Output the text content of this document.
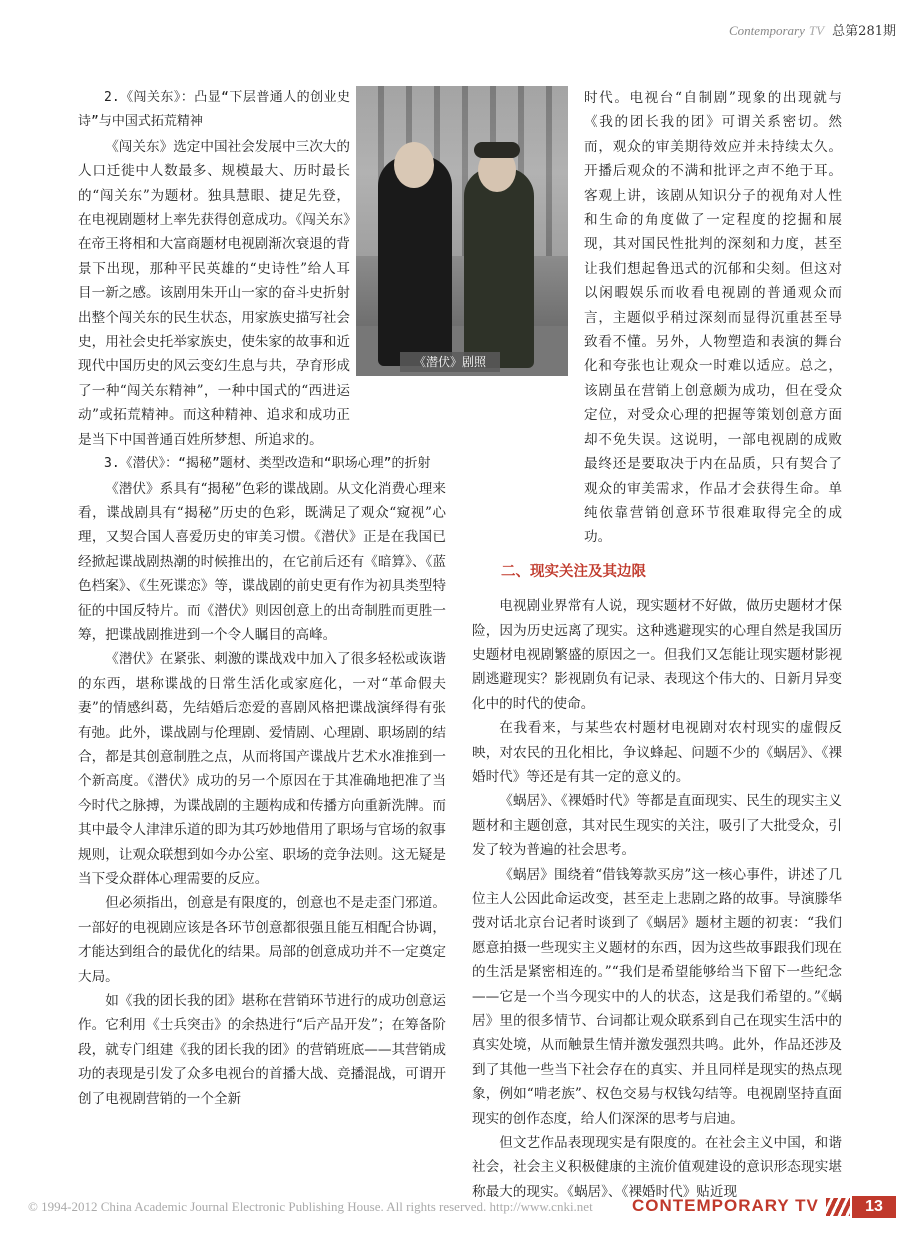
Contemporary TV 总第281期
《潜伏》剧照

2.《闯关东》：凸显“下层普通人的创业史诗”与中国式拓荒精神

《闯关东》选定中国社会发展中三次大的人口迁徙中人数最多、规模最大、历时最长的“闯关东”为题材。独具慧眼、捷足先登，在电视剧题材上率先获得创意成功。《闯关东》在帝王将相和大富商题材电视剧渐次衰退的背景下出现，那种平民英雄的“史诗性”给人耳目一新之感。该剧用朱开山一家的奋斗史折射出整个闯关东的民生状态，用家族史描写社会史，用社会史托举家族史，使朱家的故事和近现代中国历史的风云变幻生息与共，孕育形成了一种“闯关东精神”，一种中国式的“西进运动”或拓荒精神。而这种精神、追求和成功正是当下中国普通百姓所梦想、所追求的。

3.《潜伏》：“揭秘”题材、类型改造和“职场心理”的折射

《潜伏》系具有“揭秘”色彩的谍战剧。从文化消费心理来看，谍战剧具有“揭秘”历史的色彩，既满足了观众“窥视”心理，又契合国人喜爱历史的审美习惯。《潜伏》正是在我国已经掀起谍战剧热潮的时候推出的，在它前后还有《暗算》、《蓝色档案》、《生死谍恋》等，谍战剧的前史更有作为初具类型特征的中国反特片。而《潜伏》则因创意上的出奇制胜而更胜一筹，把谍战剧推进到一个令人瞩目的高峰。

《潜伏》在紧张、刺激的谍战戏中加入了很多轻松或诙谐的东西，堪称谍战的日常生活化或家庭化，一对“革命假夫妻”的情感纠葛，先结婚后恋爱的喜剧风格把谍战演绎得有张有弛。此外，谍战剧与伦理剧、爱情剧、心理剧、职场剧的结合，都是其创意制胜之点，从而将国产谍战片艺术水准推到一个新高度。《潜伏》成功的另一个原因在于其准确地把准了当今时代之脉搏，为谍战剧的主题构成和传播方向重新洗牌。而其中最令人津津乐道的即为其巧妙地借用了职场与官场的叙事规则，让观众联想到如今办公室、职场的竞争法则。这无疑是当下受众群体心理需要的反应。

但必须指出，创意是有限度的，创意也不是走歪门邪道。一部好的电视剧应该是各环节创意都很强且能互相配合协调，才能达到组合的最优化的结果。局部的创意成功并不一定奠定大局。

如《我的团长我的团》堪称在营销环节进行的成功创意运作。它利用《士兵突击》的余热进行“后产品开发”；在筹备阶段，就专门组建《我的团长我的团》的营销班底——其营销成功的表现是引发了众多电视台的首播大战、竞播混战，可谓开创了电视剧营销的一个全新

时代。电视台“自制剧”现象的出现就与《我的团长我的团》可谓关系密切。然而，观众的审美期待效应并未持续太久。开播后观众的不满和批评之声不绝于耳。客观上讲，该剧从知识分子的视角对人性和生命的角度做了一定程度的挖掘和展现，其对国民性批判的深刻和力度，甚至让我们想起鲁迅式的沉郁和尖刻。但这对以闲暇娱乐而收看电视剧的普通观众而言，主题似乎稍过深刻而显得沉重甚至导致看不懂。另外，人物塑造和表演的舞台化和夸张也让观众一时难以适应。总之，该剧虽在营销上创意颇为成功，但在受众定位，对受众心理的把握等策划创意方面却不免失误。这说明，一部电视剧的成败最终还是要取决于内在品质，只有契合了观众的审美需求，作品才会获得生命。单纯依靠营销创意环节很难取得完全的成功。

二、现实关注及其边限

电视剧业界常有人说，现实题材不好做，做历史题材才保险，因为历史远离了现实。这种逃避现实的心理自然是我国历史题材电视剧繁盛的原因之一。但我们又怎能让现实题材影视剧逃避现实？影视剧负有记录、表现这个伟大的、日新月异变化中的时代的使命。

在我看来，与某些农村题材电视剧对农村现实的虚假反映，对农民的丑化相比，争议蜂起、问题不少的《蜗居》、《裸婚时代》等还是有其一定的意义的。

《蜗居》、《裸婚时代》等都是直面现实、民生的现实主义题材和主题创意，其对民生现实的关注，吸引了大批受众，引发了较为普遍的社会思考。

《蜗居》围绕着“借钱筹款买房”这一核心事件，讲述了几位主人公因此命运改变，甚至走上悲剧之路的故事。导演滕华弢对话北京台记者时谈到了《蜗居》题材主题的初衷：“我们愿意拍摄一些现实主义题材的东西，因为这些故事跟我们现在的生活是紧密相连的。”“我们是希望能够给当下留下一些纪念——它是一个当今现实中的人的状态，这是我们希望的。”《蜗居》里的很多情节、台词都让观众联系到自己在现实生活中的真实处境，从而触景生情并激发强烈共鸣。此外，作品还涉及到了其他一些当下社会存在的真实、并且同样是现实的热点现象，例如“啃老族”、权色交易与权钱勾结等。电视剧坚持直面现实的创作态度，给人们深深的思考与启迪。

但文艺作品表现现实是有限度的。在社会主义中国，和谐社会，社会主义积极健康的主流价值观建设的意识形态现实堪称最大的现实。《蜗居》、《裸婚时代》贴近现

© 1994-2012 China Academic Journal Electronic Publishing House. All rights reserved. http://www.cnki.net CONTEMPORARY TV	13
